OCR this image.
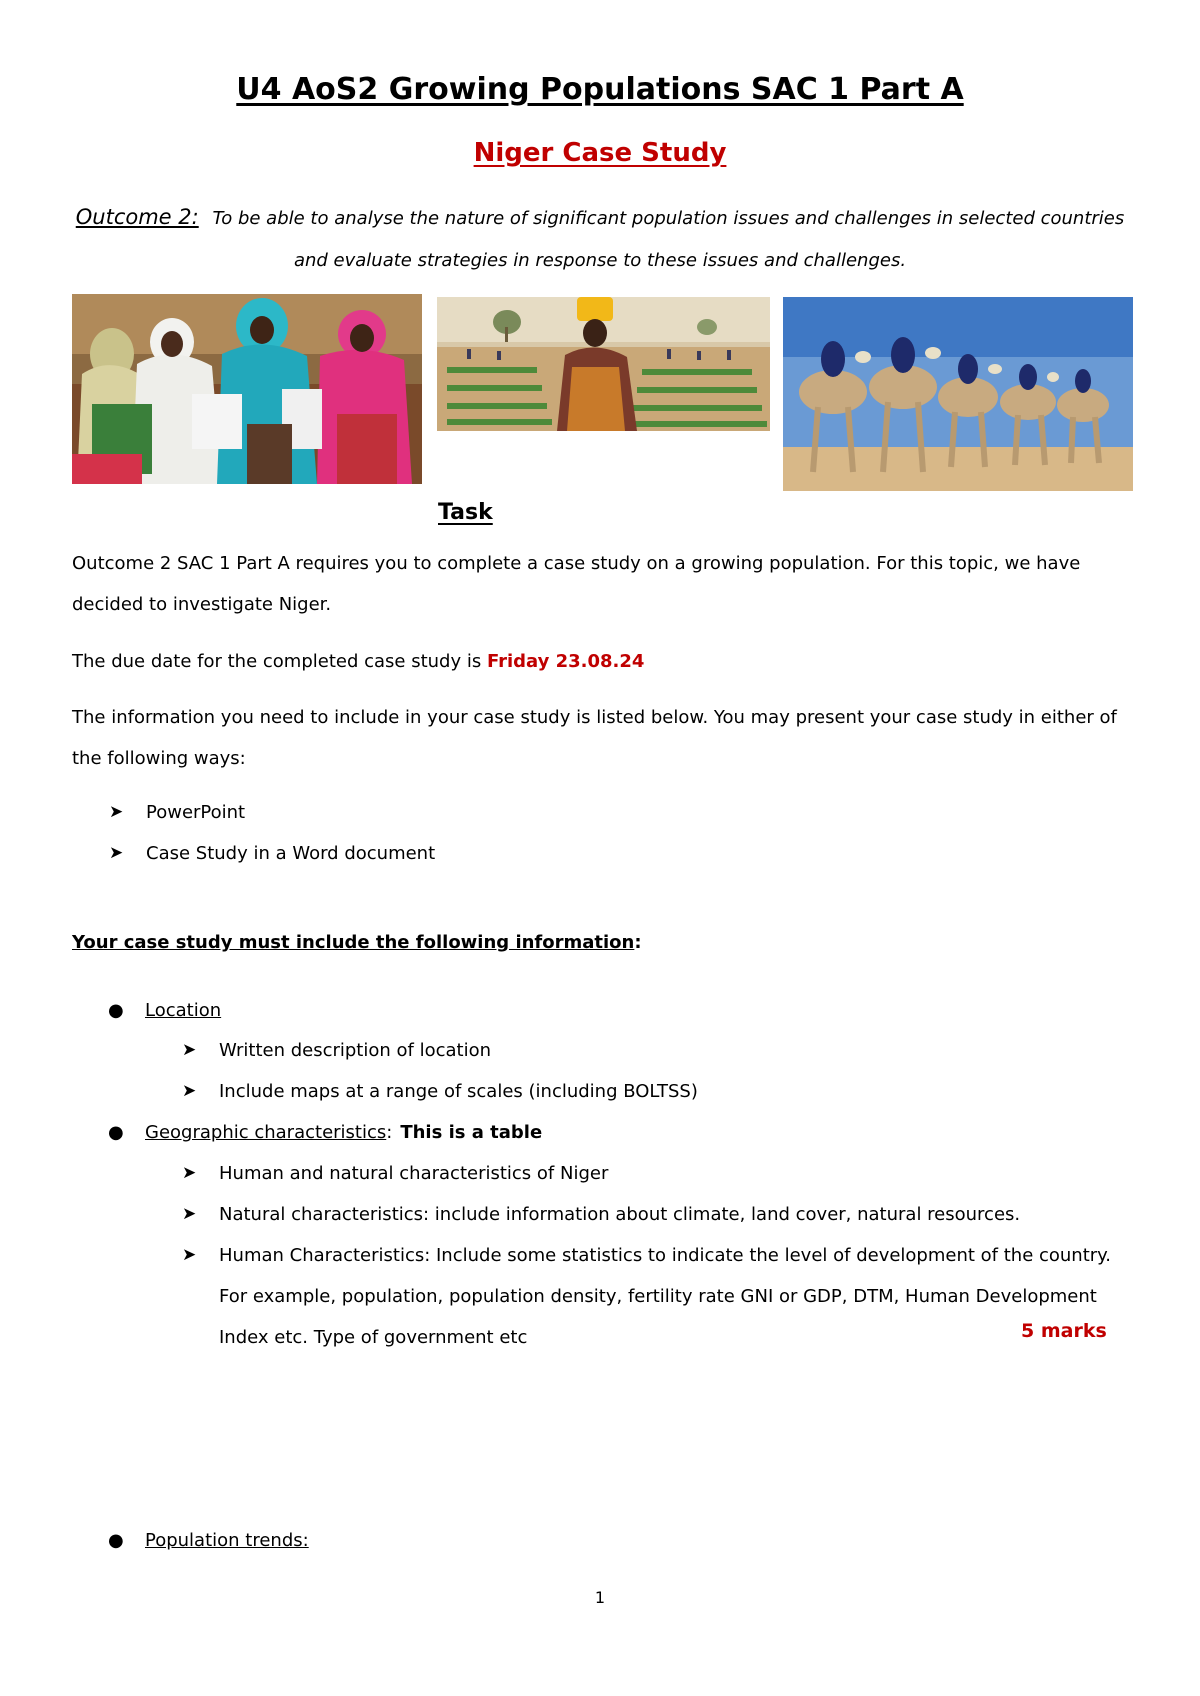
U4 AoS2 Growing Populations SAC 1 Part A
Niger Case Study
Outcome 2: To be able to analyse the nature of significant population issues and challenges in selected countries
and evaluate strategies in response to these issues and challenges.
Task
Outcome 2 SAC 1 Part A requires you to complete a case study on a growing population. For this topic, we have
decided to investigate Niger.
The due date for the completed case study is Friday 23.08.24
The information you need to include in your case study is listed below. You may present your case study in either of
the following ways:
➤ PowerPoint
➤ Case Study in a Word document
Your case study must include the following information:
● Location
➤ Written description of location
➤ Include maps at a range of scales (including BOLTSS)
● Geographic characteristics: This is a table
➤ Human and natural characteristics of Niger
➤ Natural characteristics: include information about climate, land cover, natural resources.
➤ Human Characteristics: Include some statistics to indicate the level of development of the country.
For example, population, population density, fertility rate GNI or GDP, DTM, Human Development
Index etc. Type of government etc	5 marks
● Population trends:
1
